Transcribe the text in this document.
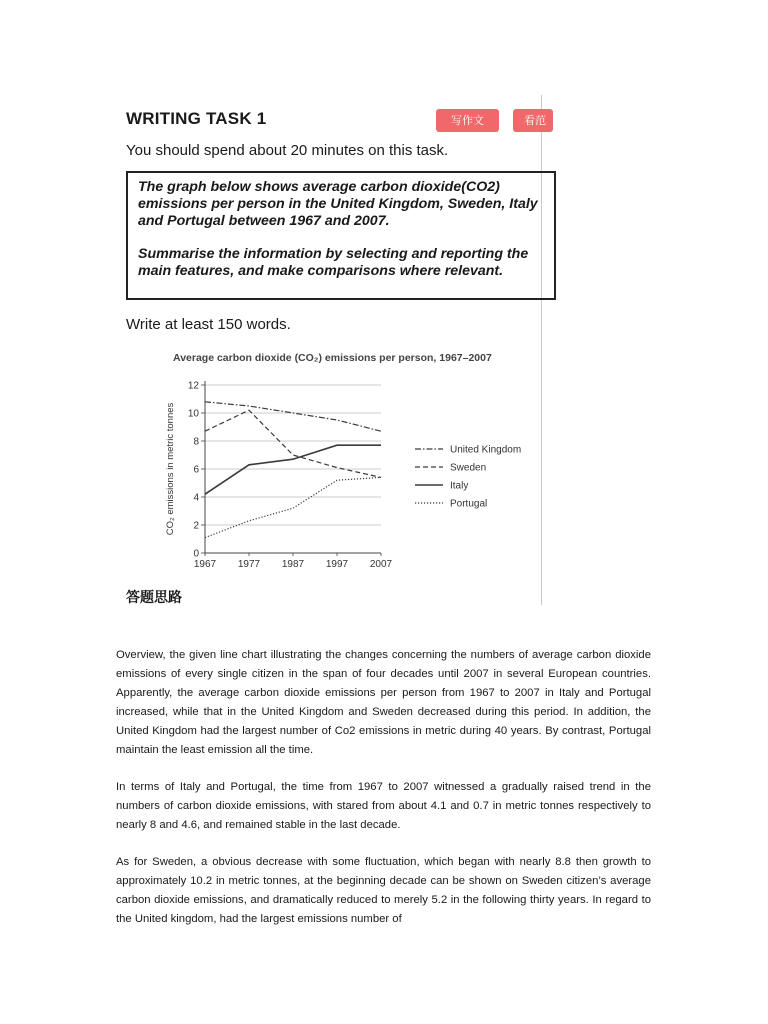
WRITING TASK 1	写作文	看范
You should spend about 20 minutes on this task.

The graph below shows average carbon dioxide(CO2) emissions per person in the United Kingdom, Sweden, Italy and Portugal between 1967 and 2007.

Summarise the information by selecting and reporting the main features, and make comparisons where relevant.

Write at least 150 words.
Average carbon dioxide (CO₂) emissions per person, 1967–2007
0
2
4
6
8
10
12
1967 1977 1987 1997 2007
CO₂ emissions in metric tonnes	United Kingdom
Sweden
Italy
Portugal
答题思路

Overview, the given line chart illustrating the changes concerning the numbers of average carbon dioxide emissions of every single citizen in the span of four decades until 2007 in several European countries. Apparently, the average carbon dioxide emissions per person from 1967 to 2007 in Italy and Portugal increased, while that in the United Kingdom and Sweden decreased during this period. In addition, the United Kingdom had the largest number of Co2 emissions in metric during 40 years. By contrast, Portugal maintain the least emission all the time.

In terms of Italy and Portugal, the time from 1967 to 2007 witnessed a gradually raised trend in the numbers of carbon dioxide emissions, with stared from about 4.1 and 0.7 in metric tonnes respectively to nearly 8 and 4.6, and remained stable in the last decade.

As for Sweden, a obvious decrease with some fluctuation, which began with nearly 8.8 then growth to approximately 10.2 in metric tonnes, at the beginning decade can be shown on Sweden citizen’s average carbon dioxide emissions, and dramatically reduced to merely 5.2 in the following thirty years. In regard to the United kingdom, had the largest emissions number of
